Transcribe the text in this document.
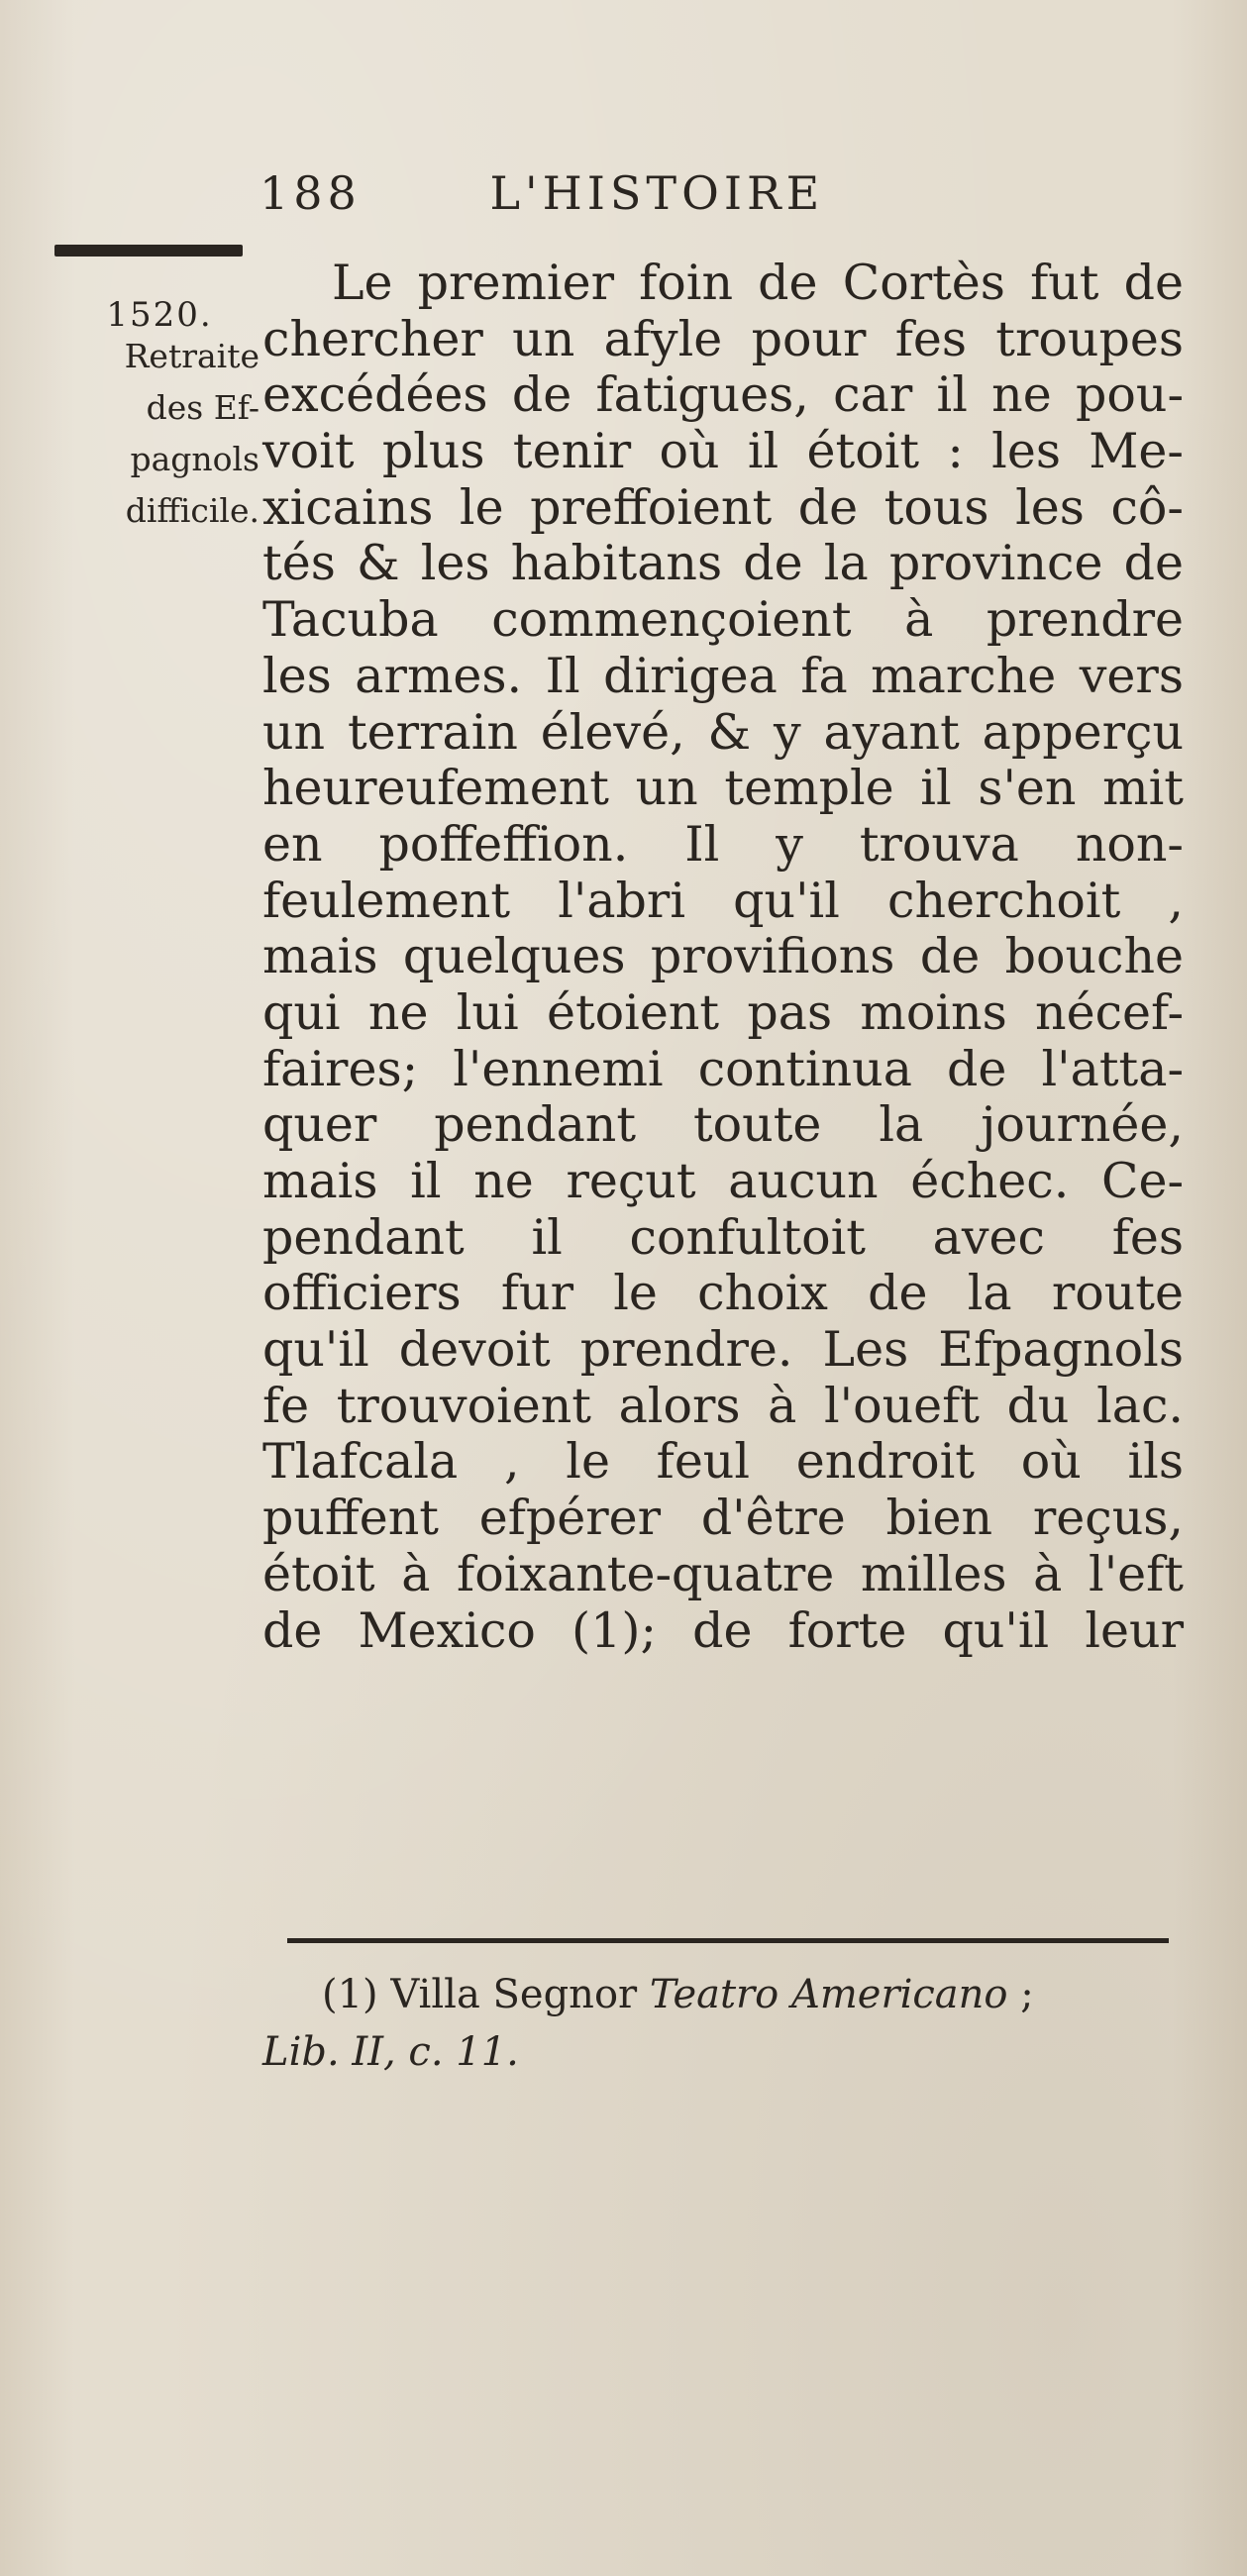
188	L'HISTOIRE
1520.
Retraite
des Ef-
pagnols
difficile.
Le premier foin de Cortès fut de
chercher un afyle pour fes troupes
excédées de fatigues, car il ne pou-
voit plus tenir où il étoit : les Me-
xicains le preffoient de tous les cô-
tés & les habitans de la province de
Tacuba commençoient à prendre
les armes. Il dirigea fa marche vers
un terrain élevé, & y ayant apperçu
heureufement un temple il s'en mit
en poffeffion. Il y trouva non-
feulement l'abri qu'il cherchoit ,
mais quelques provifions de bouche
qui ne lui étoient pas moins nécef-
faires; l'ennemi continua de l'atta-
quer pendant toute la journée,
mais il ne reçut aucun échec. Ce-
pendant il confultoit avec fes
officiers fur le choix de la route
qu'il devoit prendre. Les Efpagnols
fe trouvoient alors à l'oueft du lac.
Tlafcala , le feul endroit où ils
puffent efpérer d'être bien reçus,
étoit à foixante-quatre milles à l'eft
de Mexico (1); de forte qu'il leur
(1) Villa Segnor Teatro Americano ;
Lib. II, c. 11.
